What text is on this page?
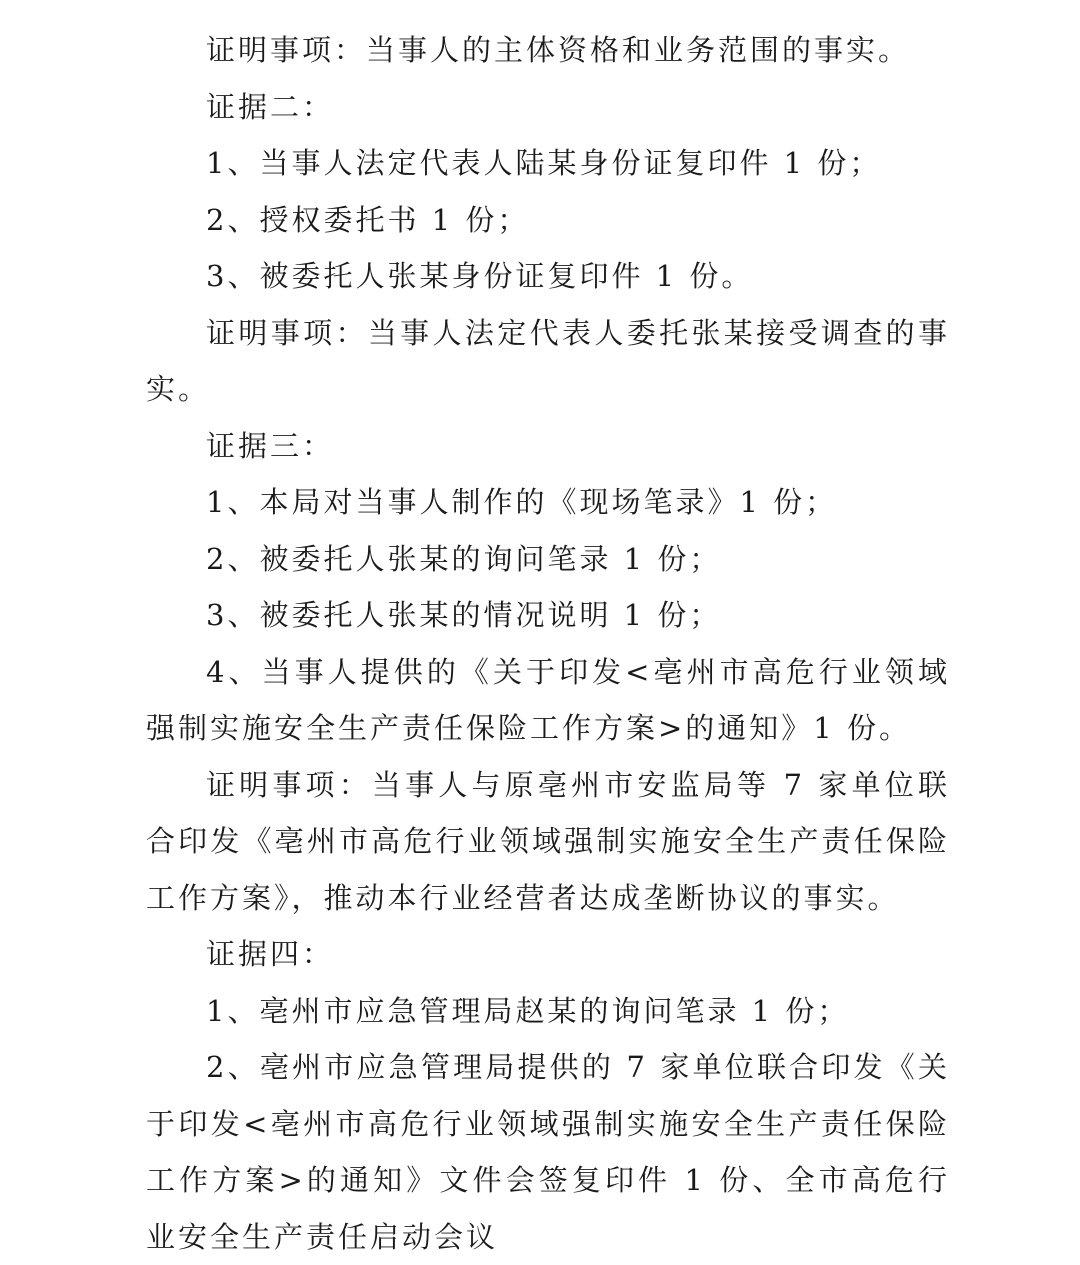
证明事项：当事人的主体资格和业务范围的事实。

证据二：

1、当事人法定代表人陆某身份证复印件 1 份；

2、授权委托书 1 份；

3、被委托人张某身份证复印件 1 份。

证明事项：当事人法定代表人委托张某接受调查的事实。

证据三：

1、本局对当事人制作的《现场笔录》1 份；

2、被委托人张某的询问笔录 1 份；

3、被委托人张某的情况说明 1 份；

4、当事人提供的《关于印发<亳州市高危行业领域强制实施安全生产责任保险工作方案>的通知》1 份。

证明事项：当事人与原亳州市安监局等 7 家单位联合印发《亳州市高危行业领域强制实施安全生产责任保险工作方案》，推动本行业经营者达成垄断协议的事实。

证据四：

1、亳州市应急管理局赵某的询问笔录 1 份；

2、亳州市应急管理局提供的 7 家单位联合印发《关于印发<亳州市高危行业领域强制实施安全生产责任保险工作方案>的通知》文件会签复印件 1 份、全市高危行业安全生产责任启动会议
